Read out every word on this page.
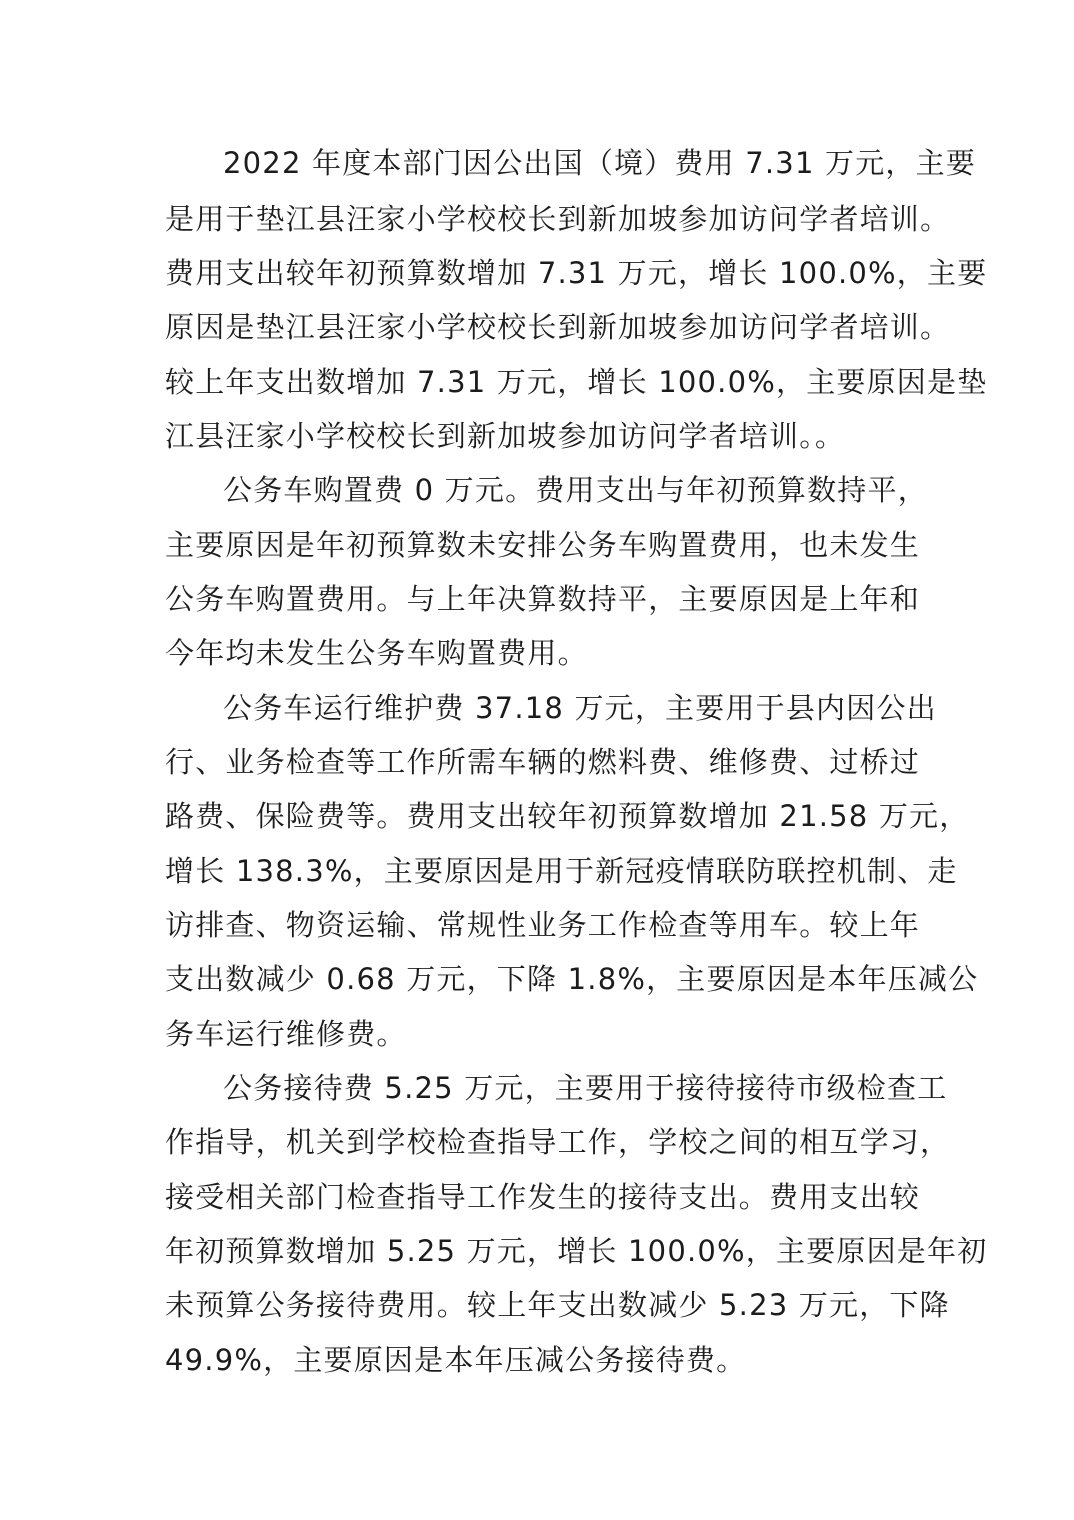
2022 年度本部门因公出国（境）费用 7.31 万元，主要

是用于垫江县汪家小学校校长到新加坡参加访问学者培训。

费用支出较年初预算数增加 7.31 万元，增长 100.0%，主要

原因是垫江县汪家小学校校长到新加坡参加访问学者培训。

较上年支出数增加 7.31 万元，增长 100.0%，主要原因是垫

江县汪家小学校校长到新加坡参加访问学者培训。。

公务车购置费 0 万元。费用支出与年初预算数持平，

主要原因是年初预算数未安排公务车购置费用，也未发生

公务车购置费用。与上年决算数持平，主要原因是上年和

今年均未发生公务车购置费用。

公务车运行维护费 37.18 万元，主要用于县内因公出

行、业务检查等工作所需车辆的燃料费、维修费、过桥过

路费、保险费等。费用支出较年初预算数增加 21.58 万元，

增长 138.3%，主要原因是用于新冠疫情联防联控机制、走

访排查、物资运输、常规性业务工作检查等用车。较上年

支出数减少 0.68 万元，下降 1.8%，主要原因是本年压减公

务车运行维修费。

公务接待费 5.25 万元，主要用于接待接待市级检查工

作指导，机关到学校检查指导工作，学校之间的相互学习，

接受相关部门检查指导工作发生的接待支出。费用支出较

年初预算数增加 5.25 万元，增长 100.0%，主要原因是年初

未预算公务接待费用。较上年支出数减少 5.23 万元，下降

49.9%，主要原因是本年压减公务接待费。
